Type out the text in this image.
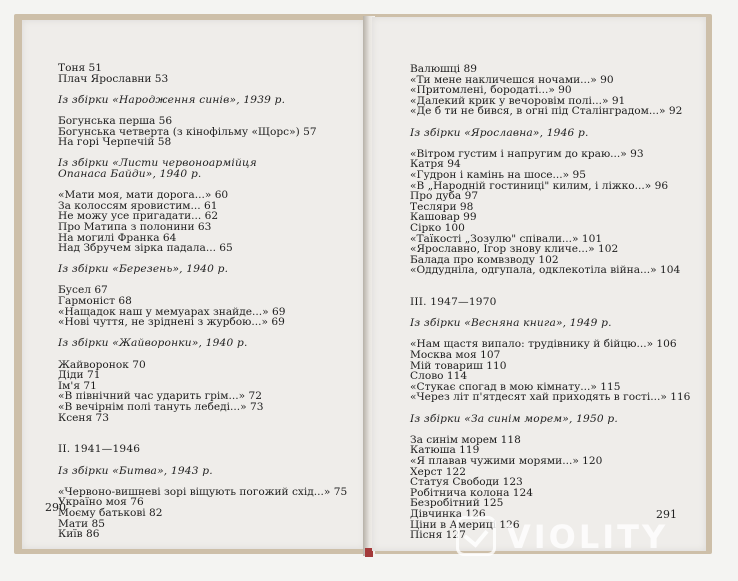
Тоня 51
Плач Ярославни 53
Із збірки «Народження синів», 1939 р.
Богунська перша 56
Богунська четверта (з кінофільму «Щорс») 57
На горі Черпечій 58
Із збірки «Листи червоноармійця
Опанаса Байди», 1940 р.
«Мати моя, мати дорога...» 60
За колоссям яровистим... 61
Не можу усе пригадати... 62
Про Матипа з полонини 63
На могилі Франка 64
Над Збручем зірка падала... 65
Із збірки «Березень», 1940 р.
Бусел 67
Гармоніст 68
«Нащадок наш у мемуарах знайде...» 69
«Нові чуття, не зріднені з журбою...» 69
Із збірки «Жайворонки», 1940 р.
Жайворонок 70
Діди 71
Ім'я 71
«В північний час ударить грім...» 72
«В вечірнім полі тануть лебеді...» 73
Ксеня 73
II. 1941—1946
Із збірки «Битва», 1943 р.
«Червоно-вишневі зорі віщують погожий схід...» 75
Україно моя 76
Моєму батькові 82
Мати 85
Київ 86
290
Валюшці 89
«Ти мене накличешся ночами...» 90
«Притомлені, бородаті...» 90
«Далекий крик у вечоровім полі...» 91
«Де б ти не бився, в огні під Сталінградом...» 92
Із збірки «Ярославна», 1946 р.
«Вітром густим і напругим до краю...» 93
Катря 94
«Гудрон і камінь на шосе...» 95
«В „Народній гостиниці" килим, і ліжко...» 96
Про дуба 97
Тесляри 98
Кашовар 99
Сірко 100
«Таїкості „Зозулю" співали...» 101
«Ярославно, Ігор знову кличе...» 102
Балада про комвзводу 102
«Оддудніла, одгупала, одклекотіла війна...» 104
III. 1947—1970
Із збірки «Весняна книга», 1949 р.
«Нам щастя випало: трудівнику й бійцю...» 106
Москва моя 107
Мій товариш 110
Слово 114
«Стукає спогад в мою кімнату...» 115
«Через літ п'ятдесят хай приходять в гості...» 116
Із збірки «За синім морем», 1950 р.
За синім морем 118
Катюша 119
«Я плавав чужими морями...» 120
Херст 122
Статуя Свободи 123
Робітнича колона 124
Безробітний 125
Дівчинка 126
Ціни в Америці 126
Пісня 127
291
VIOLITY
